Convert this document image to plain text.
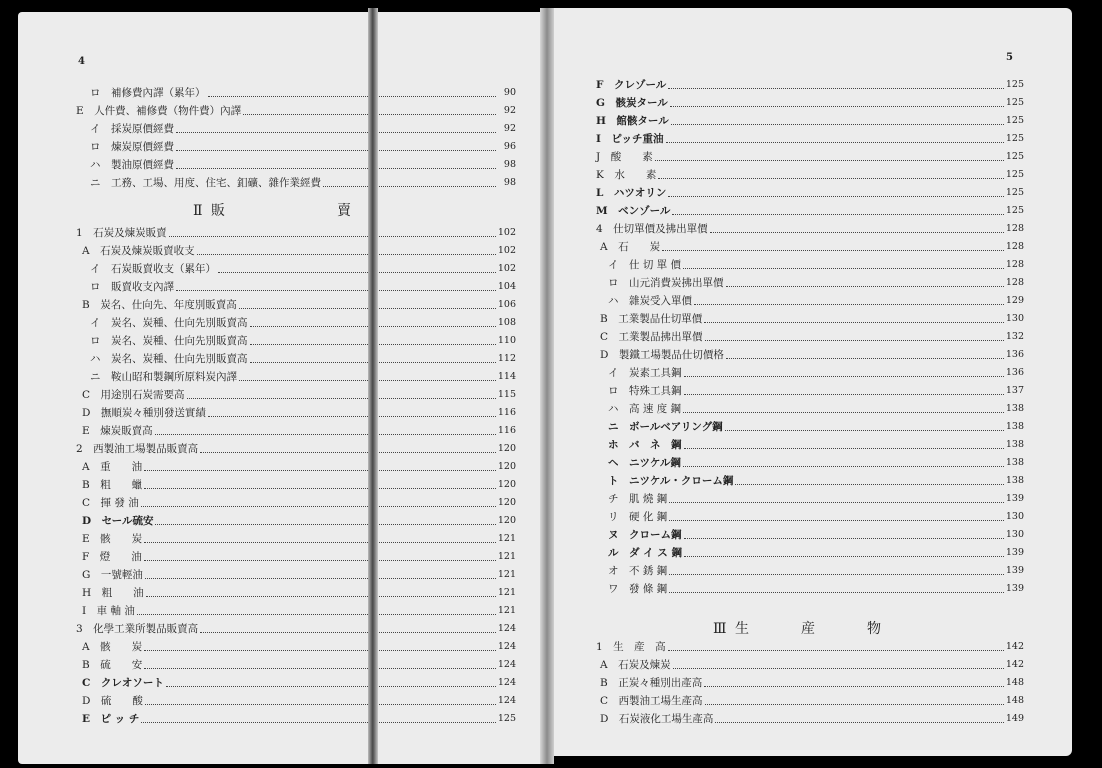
4
ロ　補修費內譯（累年）	90
E　人件費、補修費（物件費）內譯	92
イ　採炭原價經費	92
ロ　煉炭原價經費	96
ハ　製油原價經費	98
ニ　工務、工場、用度、住宅、釦礦、雜作業經費	98
1　石炭及煉炭販賣	102
A　石炭及煉炭販賣收支	102
イ　石炭販賣收支（累年）	102
ロ　販賣收支內譯	104
B　炭名、仕向先、年度別販賣高	106
イ　炭名、炭種、仕向先別販賣高	108
ロ　炭名、炭種、仕向先別販賣高	110
ハ　炭名、炭種、仕向先別販賣高	112
ニ　鞍山昭和製鋼所原料炭內譯	114
C　用途別石炭需要高	115
D　撫順炭々種別發送實績	116
E　煉炭販賣高	116
2　西製油工場製品販賣高	120
A　重　　油	120
B　粗　　蠟	120
C　揮 發 油	120
D　セール硫安	120
E　骸　　炭	121
F　燈　　油	121
G　一號輕油	121
H　粗　　油	121
I　車 軸 油	121
3　化學工業所製品販賣高	124
A　骸　　炭	124
B　硫　　安	124
C　クレオソート	124
D　硫　　酸	124
E　ピ ッ チ	125
Ⅱ 販	賣
5
F　クレゾール	125
G　骸炭タール	125
H　館骸タール	125
I　ピッチ重油	125
J　酸　　素	125
K　水　　素	125
L　ハツオリン	125
M　ベンゾール	125
4　仕切單價及拂出單價	128
A　石　　炭	128
イ　仕 切 單 價	128
ロ　山元消費炭拂出單價	128
ハ　雜炭受入單價	129
B　工業製品仕切單價	130
C　工業製品拂出單價	132
D　製鐵工場製品仕切價格	136
イ　炭素工具鋼	136
ロ　特殊工具鋼	137
ハ　高 速 度 鋼	138
ニ　ボールベアリング鋼	138
ホ　バ　ネ　鋼	138
ヘ　ニツケル鋼	138
ト　ニツケル・クローム鋼	138
チ　肌 燒 鋼	139
リ　硬 化 鋼	130
ヌ　クローム鋼	130
ル　ダ イ ス 鋼	139
オ　不 銹 鋼	139
ワ　發 條 鋼	139
1　生　産　高	142
A　石炭及煉炭	142
B　正炭々種別出產高	148
C　西製油工場生產高	148
D　石炭液化工場生產高	149
Ⅲ 生	産	物
